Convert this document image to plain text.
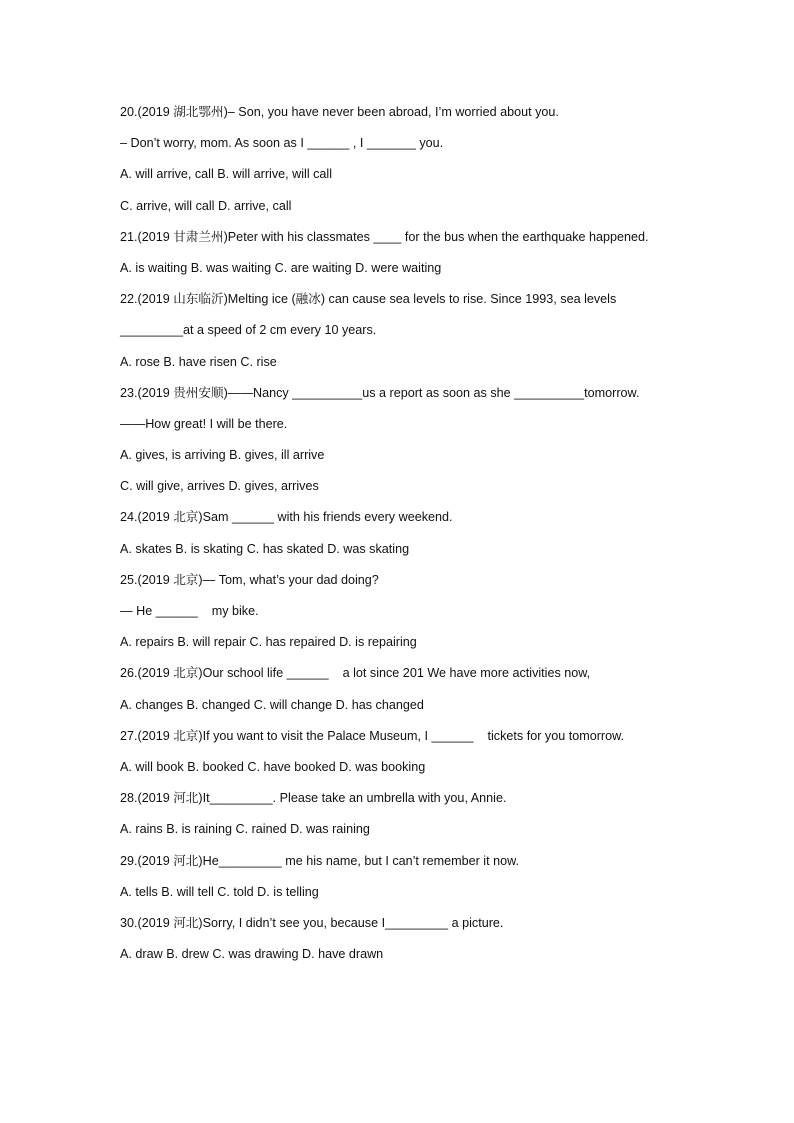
20.(2019 湖北鄂州)– Son, you have never been abroad, I’m worried about you.
– Don’t worry, mom. As soon as I ______ , I _______ you.
A. will arrive, call B. will arrive, will call
C. arrive, will call D. arrive, call
21.(2019 甘肃兰州)Peter with his classmates ____ for the bus when the earthquake happened.
A. is waiting B. was waiting C. are waiting D. were waiting
22.(2019 山东临沂)Melting ice (融冰) can cause sea levels to rise. Since 1993, sea levels
_________at a speed of 2 cm every 10 years.
A. rose B. have risen C. rise
23.(2019 贵州安顺)——Nancy __________us a report as soon as she __________tomorrow.
——How great! I will be there.
A. gives, is arriving B. gives, ill arrive
C. will give, arrives D. gives, arrives
24.(2019 北京)Sam ______ with his friends every weekend.
A. skates B. is skating C. has skated D. was skating
25.(2019 北京)— Tom, what’s your dad doing?
— He ______    my bike.
A. repairs B. will repair C. has repaired D. is repairing
26.(2019 北京)Our school life ______    a lot since 201 We have more activities now,
A. changes B. changed C. will change D. has changed
27.(2019 北京)If you want to visit the Palace Museum, I ______    tickets for you tomorrow.
A. will book B. booked C. have booked D. was booking
28.(2019 河北)It_________. Please take an umbrella with you, Annie.
A. rains B. is raining C. rained D. was raining
29.(2019 河北)He_________ me his name, but I can’t remember it now.
A. tells B. will tell C. told D. is telling
30.(2019 河北)Sorry, I didn’t see you, because I_________ a picture.
A. draw B. drew C. was drawing D. have drawn
